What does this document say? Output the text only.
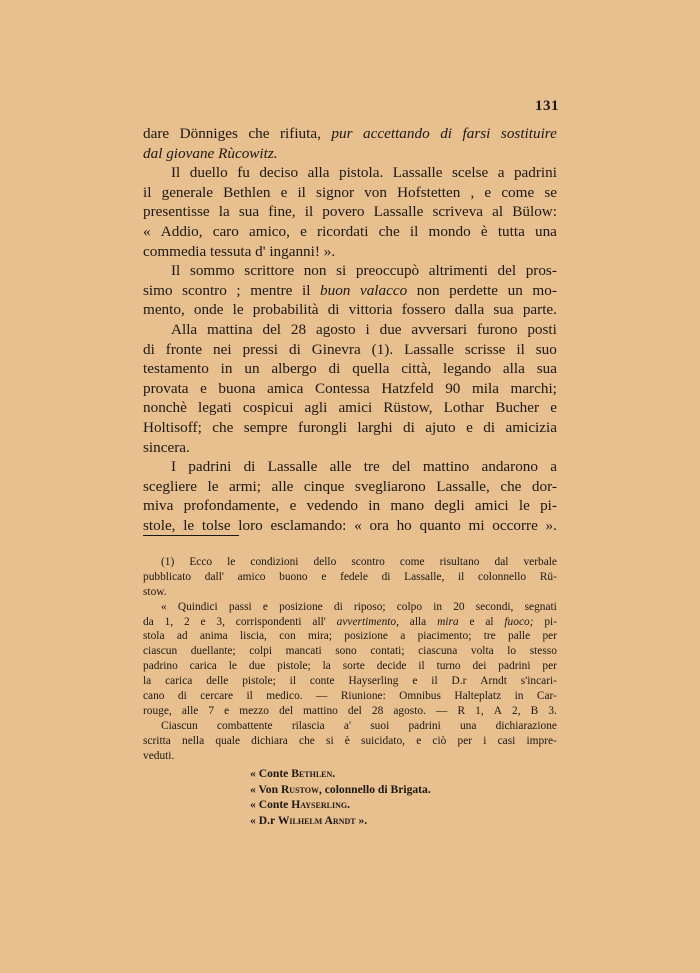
131
dare Dönniges che rifiuta, pur accettando di farsi sostituire
dal giovane Rùcowitz.
Il duello fu deciso alla pistola. Lassalle scelse a padrini
il generale Bethlen e il signor von Hofstetten , e come se
presentisse la sua fine, il povero Lassalle scriveva al Bülow:
« Addio, caro amico, e ricordati che il mondo è tutta una
commedia tessuta d' inganni! ».
Il sommo scrittore non si preoccupò altrimenti del pros-
simo scontro ; mentre il buon valacco non perdette un mo-
mento, onde le probabilità di vittoria fossero dalla sua parte.
Alla mattina del 28 agosto i due avversari furono posti
di fronte nei pressi di Ginevra (1). Lassalle scrisse il suo
testamento in un albergo di quella città, legando alla sua
provata e buona amica Contessa Hatzfeld 90 mila marchi;
nonchè legati cospicui agli amici Rüstow, Lothar Bucher e
Holtisoff; che sempre furongli larghi di ajuto e di amicizia
sincera.
I padrini di Lassalle alle tre del mattino andarono a
scegliere le armi; alle cinque svegliarono Lassalle, che dor-
miva profondamente, e vedendo in mano degli amici le pi-
stole, le tolse loro esclamando: « ora ho quanto mi occorre ».
(1) Ecco le condizioni dello scontro come risultano dal verbale
pubblicato dall' amico buono e fedele di Lassalle, il colonnello Rü-
stow.
« Quindici passi e posizione di riposo; colpo in 20 secondi, segnati
da 1, 2 e 3, corrispondenti all' avvertimento, alla mira e al fuoco; pi-
stola ad anima liscia, con mira; posizione a piacimento; tre palle per
ciascun duellante; colpi mancati sono contati; ciascuna volta lo stesso
padrino carica le due pistole; la sorte decide il turno dei padrini per
la carica delle pistole; il conte Hayserling e il D.r Arndt s'incari-
cano di cercare il medico. — Riunione: Omnibus Halteplatz in Car-
rouge, alle 7 e mezzo del mattino del 28 agosto. — R 1, A 2, B 3.
Ciascun combattente rilascia a' suoi padrini una dichiarazione
scritta nella quale dichiara che si è suicidato, e ciò per i casi impre-
veduti.
« Conte Bethlen.
« Von Rustow, colonnello di Brigata.
« Conte Hayserling.
« D.r Wilhelm Arndt ».
